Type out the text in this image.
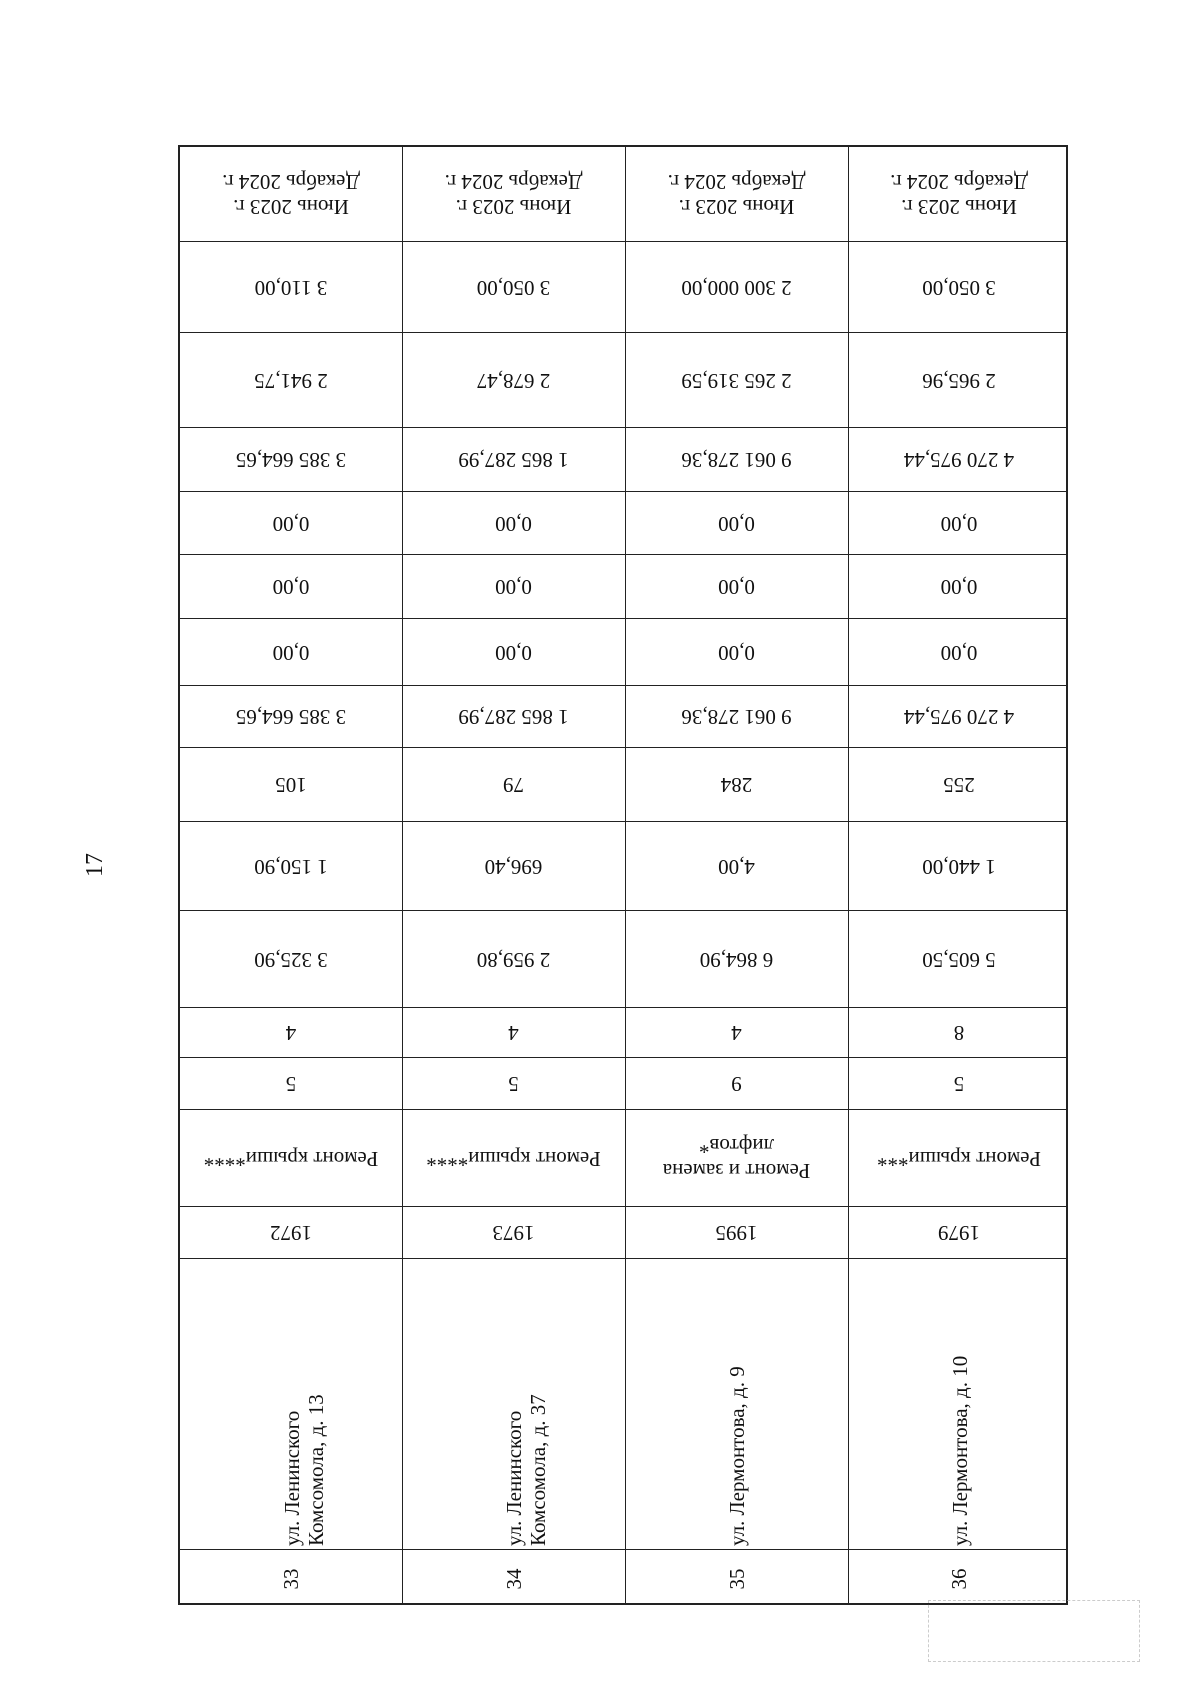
17
Июнь 2023 г.
Декабрь 2024 г.
3 110,00
2 941,75
3 385 664,65
0,00
0,00
0,00
3 385 664,65
105
1 150,90
3 325,90
4
5
Ремонт крыши****
1972
ул. Ленинского Комсомола, д. 13
33
Июнь 2023 г.
Декабрь 2024 г.
3 050,00
2 678,47
1 865 287,99
0,00
0,00
0,00
1 865 287,99
79
696,40
2 959,80
4
5
Ремонт крыши****
1973
ул. Ленинского Комсомола, д. 37
34
Июнь 2023 г.
Декабрь 2024 г.
2 300 000,00
2 265 319,59
9 061 278,36
0,00
0,00
0,00
9 061 278,36
284
4,00
6 864,90
4
9
Ремонт и замена
лифтов*
1995
ул. Лермонтова, д. 9
35
Июнь 2023 г.
Декабрь 2024 г.
3 050,00
2 965,96
4 270 975,44
0,00
0,00
0,00
4 270 975,44
255
1 440,00
5 605,50
8
5
Ремонт крыши***
1979
ул. Лермонтова, д. 10
36
